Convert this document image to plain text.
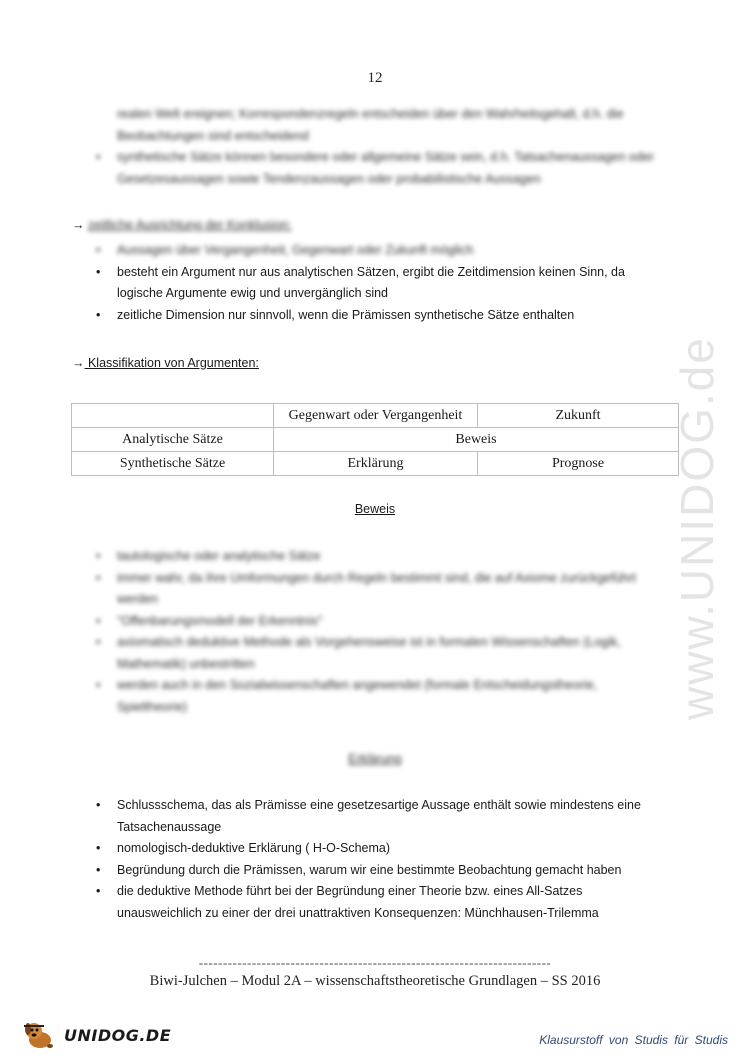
12

realen Welt ereignen; Korrespondenzregeln entscheiden über den Wahrheitsgehalt, d.h. die Beobachtungen sind entscheidend

• synthetische Sätze können besondere oder allgemeine Sätze sein, d.h. Tatsachenaussagen oder Gesetzesaussagen sowie Tendenzaussagen oder probabilistische Aussagen
→ zeitliche Ausrichtung der Konklusion:
• Aussagen über Vergangenheit, Gegenwart oder Zukunft möglich
• besteht ein Argument nur aus analytischen Sätzen, ergibt die Zeitdimension keinen Sinn, da logische Argumente ewig und unvergänglich sind
• zeitliche Dimension nur sinnvoll, wenn die Prämissen synthetische Sätze enthalten
→ Klassifikation von Argumenten:
	Gegenwart oder Vergangenheit	Zukunft
Analytische Sätze	Beweis	
Synthetische Sätze	Erklärung	Prognose
Beweis
• tautologische oder analytische Sätze
• immer wahr, da ihre Umformungen durch Regeln bestimmt sind, die auf Axiome zurückgeführt werden
• "Offenbarungsmodell der Erkenntnis"
• axiomatisch deduktive Methode als Vorgehensweise ist in formalen Wissenschaften (Logik, Mathematik) unbestritten
• werden auch in den Sozialwissenschaften angewendet (formale Entscheidungstheorie, Spieltheorie)
Erklärung
• Schlussschema, das als Prämisse eine gesetzesartige Aussage enthält sowie mindestens eine Tatsachenaussage
• nomologisch-deduktive Erklärung ( H-O-Schema)
• Begründung durch die Prämissen, warum wir eine bestimmte Beobachtung gemacht haben
• die deduktive Methode führt bei der Begründung einer Theorie bzw. eines All-Satzes unausweichlich zu einer der drei unattraktiven Konsequenzen: Münchhausen-Trilemma
-------------------------------------------------------------------------
Biwi-Julchen – Modul 2A – wissenschaftstheoretische Grundlagen – SS 2016
www.UNIDOG.de
UNIDOG.DE	Klausurstoff von Studis für Studis
